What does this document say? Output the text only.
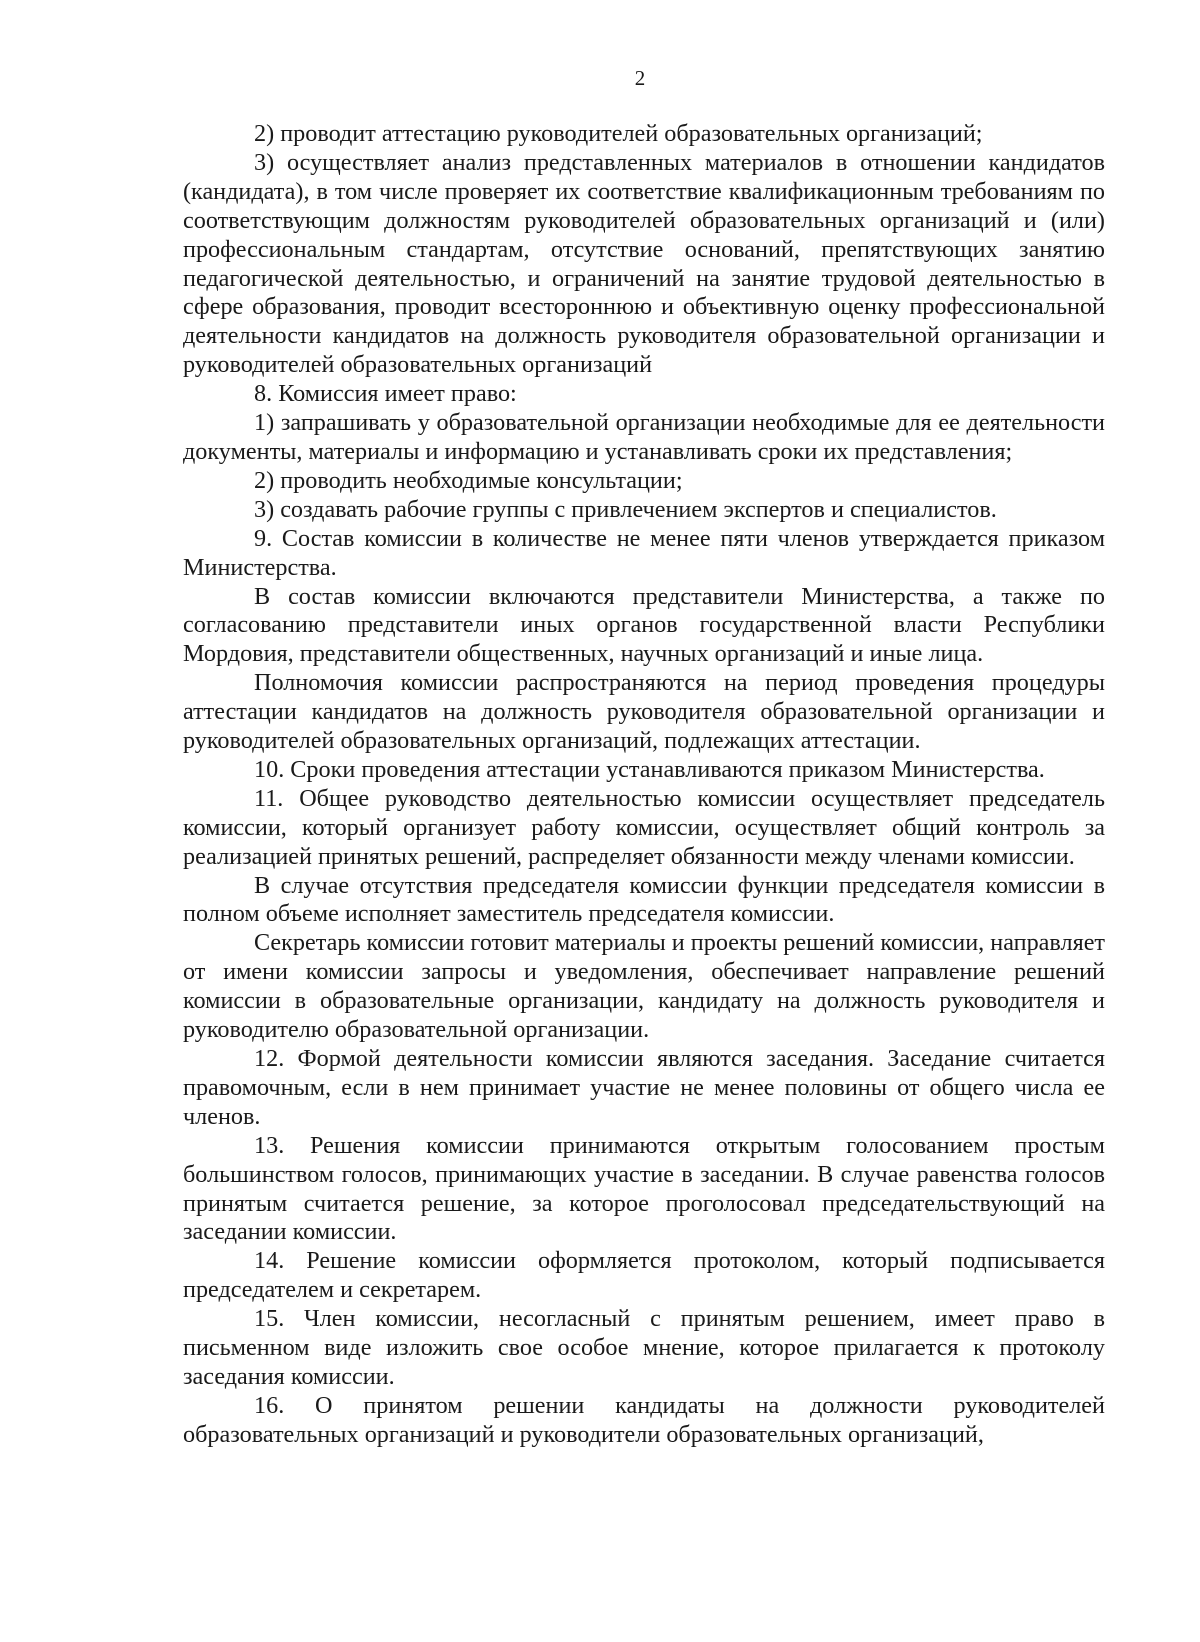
2

2) проводит аттестацию руководителей образовательных организаций;

3) осуществляет анализ представленных материалов в отношении кандидатов (кандидата), в том числе проверяет их соответствие квалификационным требованиям по соответствующим должностям руководителей образовательных организаций и (или) профессиональным стандартам, отсутствие оснований, препятствующих занятию педагогической деятельностью, и ограничений на занятие трудовой деятельностью в сфере образования, проводит всестороннюю и объективную оценку профессиональной деятельности кандидатов на должность руководителя образовательной организации и руководителей образовательных организаций

8. Комиссия имеет право:

1) запрашивать у образовательной организации необходимые для ее деятельности документы, материалы и информацию и устанавливать сроки их представления;

2) проводить необходимые консультации;

3) создавать рабочие группы с привлечением экспертов и специалистов.

9. Состав комиссии в количестве не менее пяти членов утверждается приказом Министерства.

В состав комиссии включаются представители Министерства, а также по согласованию представители иных органов государственной власти Республики Мордовия, представители общественных, научных организаций и иные лица.

Полномочия комиссии распространяются на период проведения процедуры аттестации кандидатов на должность руководителя образовательной организации и руководителей образовательных организаций, подлежащих аттестации.

10. Сроки проведения аттестации устанавливаются приказом Министерства.

11. Общее руководство деятельностью комиссии осуществляет председатель комиссии, который организует работу комиссии, осуществляет общий контроль за реализацией принятых решений, распределяет обязанности между членами комиссии.

В случае отсутствия председателя комиссии функции председателя комиссии в полном объеме исполняет заместитель председателя комиссии.

Секретарь комиссии готовит материалы и проекты решений комиссии, направляет от имени комиссии запросы и уведомления, обеспечивает направление решений комиссии в образовательные организации, кандидату на должность руководителя и руководителю образовательной организации.

12. Формой деятельности комиссии являются заседания. Заседание считается правомочным, если в нем принимает участие не менее половины от общего числа ее членов.

13. Решения комиссии принимаются открытым голосованием простым большинством голосов, принимающих участие в заседании. В случае равенства голосов принятым считается решение, за которое проголосовал председательствующий на заседании комиссии.

14. Решение комиссии оформляется протоколом, который подписывается председателем и секретарем.

15. Член комиссии, несогласный с принятым решением, имеет право в письменном виде изложить свое особое мнение, которое прилагается к протоколу заседания комиссии.

16. О принятом решении кандидаты на должности руководителей образовательных организаций и руководители образовательных организаций,
